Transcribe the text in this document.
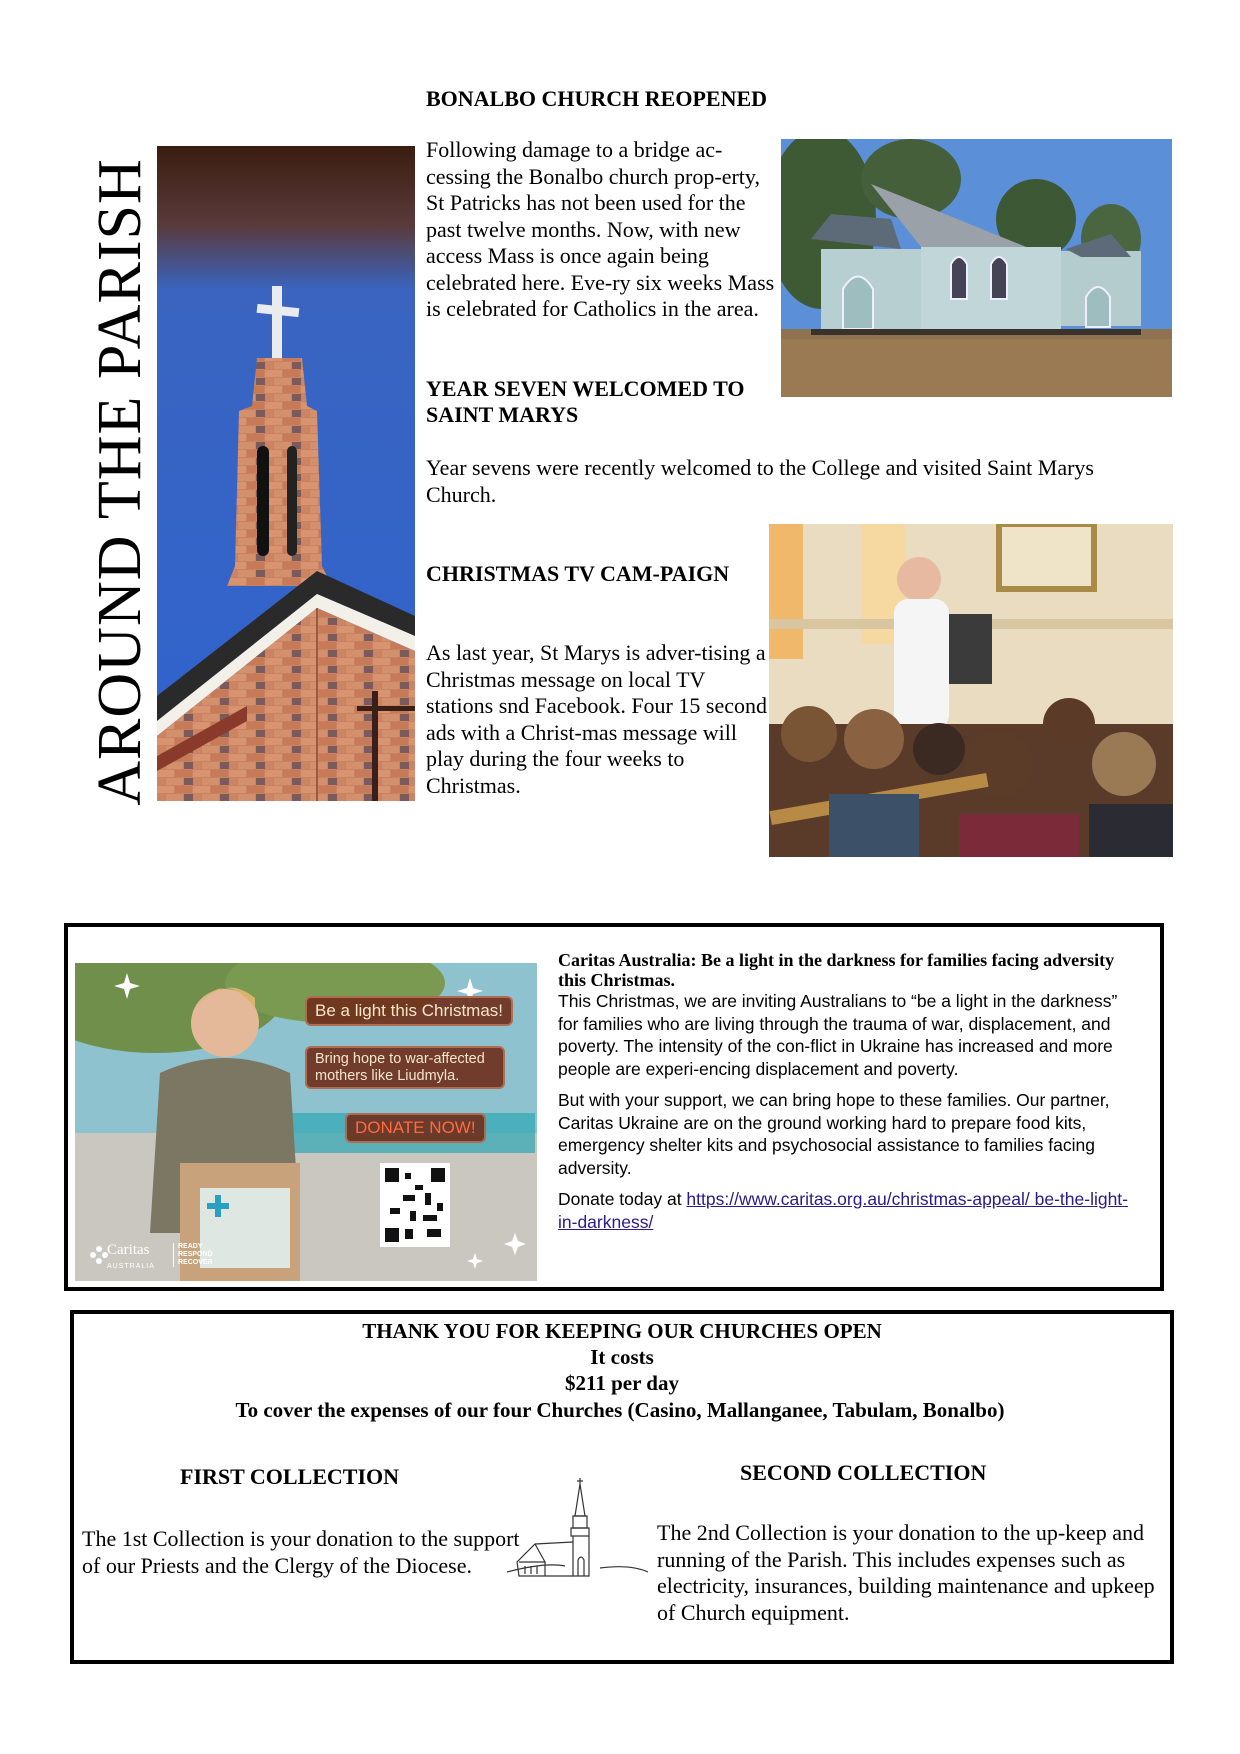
AROUND THE PARISH
BONALBO CHURCH REOPENED
Following damage to a bridge ac-cessing the Bonalbo church prop-erty, St Patricks has not been used for the past twelve months. Now, with new access Mass is once again being celebrated here. Eve-ry six weeks Mass is celebrated for Catholics in the area.
YEAR SEVEN WELCOMED TO SAINT MARYS
Year sevens were recently welcomed to the College and visited Saint Marys Church.
CHRISTMAS TV CAM-PAIGN
As last year, St Marys is adver-tising a Christmas message on local TV stations snd Facebook. Four 15 second ads with a Christ-mas message will play during the four weeks to Christmas.
Be a light this Christmas!
Bring hope to war-affected mothers like Liudmyla.
DONATE NOW!
Caritas
AUSTRALIA
READY RESPOND RECOVER
Caritas Australia: Be a light in the darkness for families facing adversity this Christmas.

This Christmas, we are inviting Australians to “be a light in the darkness” for families who are living through the trauma of war, displacement, and poverty. The intensity of the con-flict in Ukraine has increased and more people are experi-encing displacement and poverty.

But with your support, we can bring hope to these families. Our partner, Caritas Ukraine are on the ground working hard to prepare food kits, emergency shelter kits and psychosocial assistance to families facing adversity.

Donate today at https://www.caritas.org.au/christmas-appeal/ be-the-light-in-darkness/

THANK YOU FOR KEEPING OUR CHURCHES OPEN
It costs
$211 per day
To cover the expenses of our four Churches (Casino, Mallanganee, Tabulam, Bonalbo)
FIRST COLLECTION
The 1st Collection is your donation to the support of our Priests and the Clergy of the Diocese.
SECOND COLLECTION
The 2nd Collection is your donation to the up-keep and running of the Parish. This includes expenses such as electricity, insurances, building maintenance and upkeep of Church equipment.
